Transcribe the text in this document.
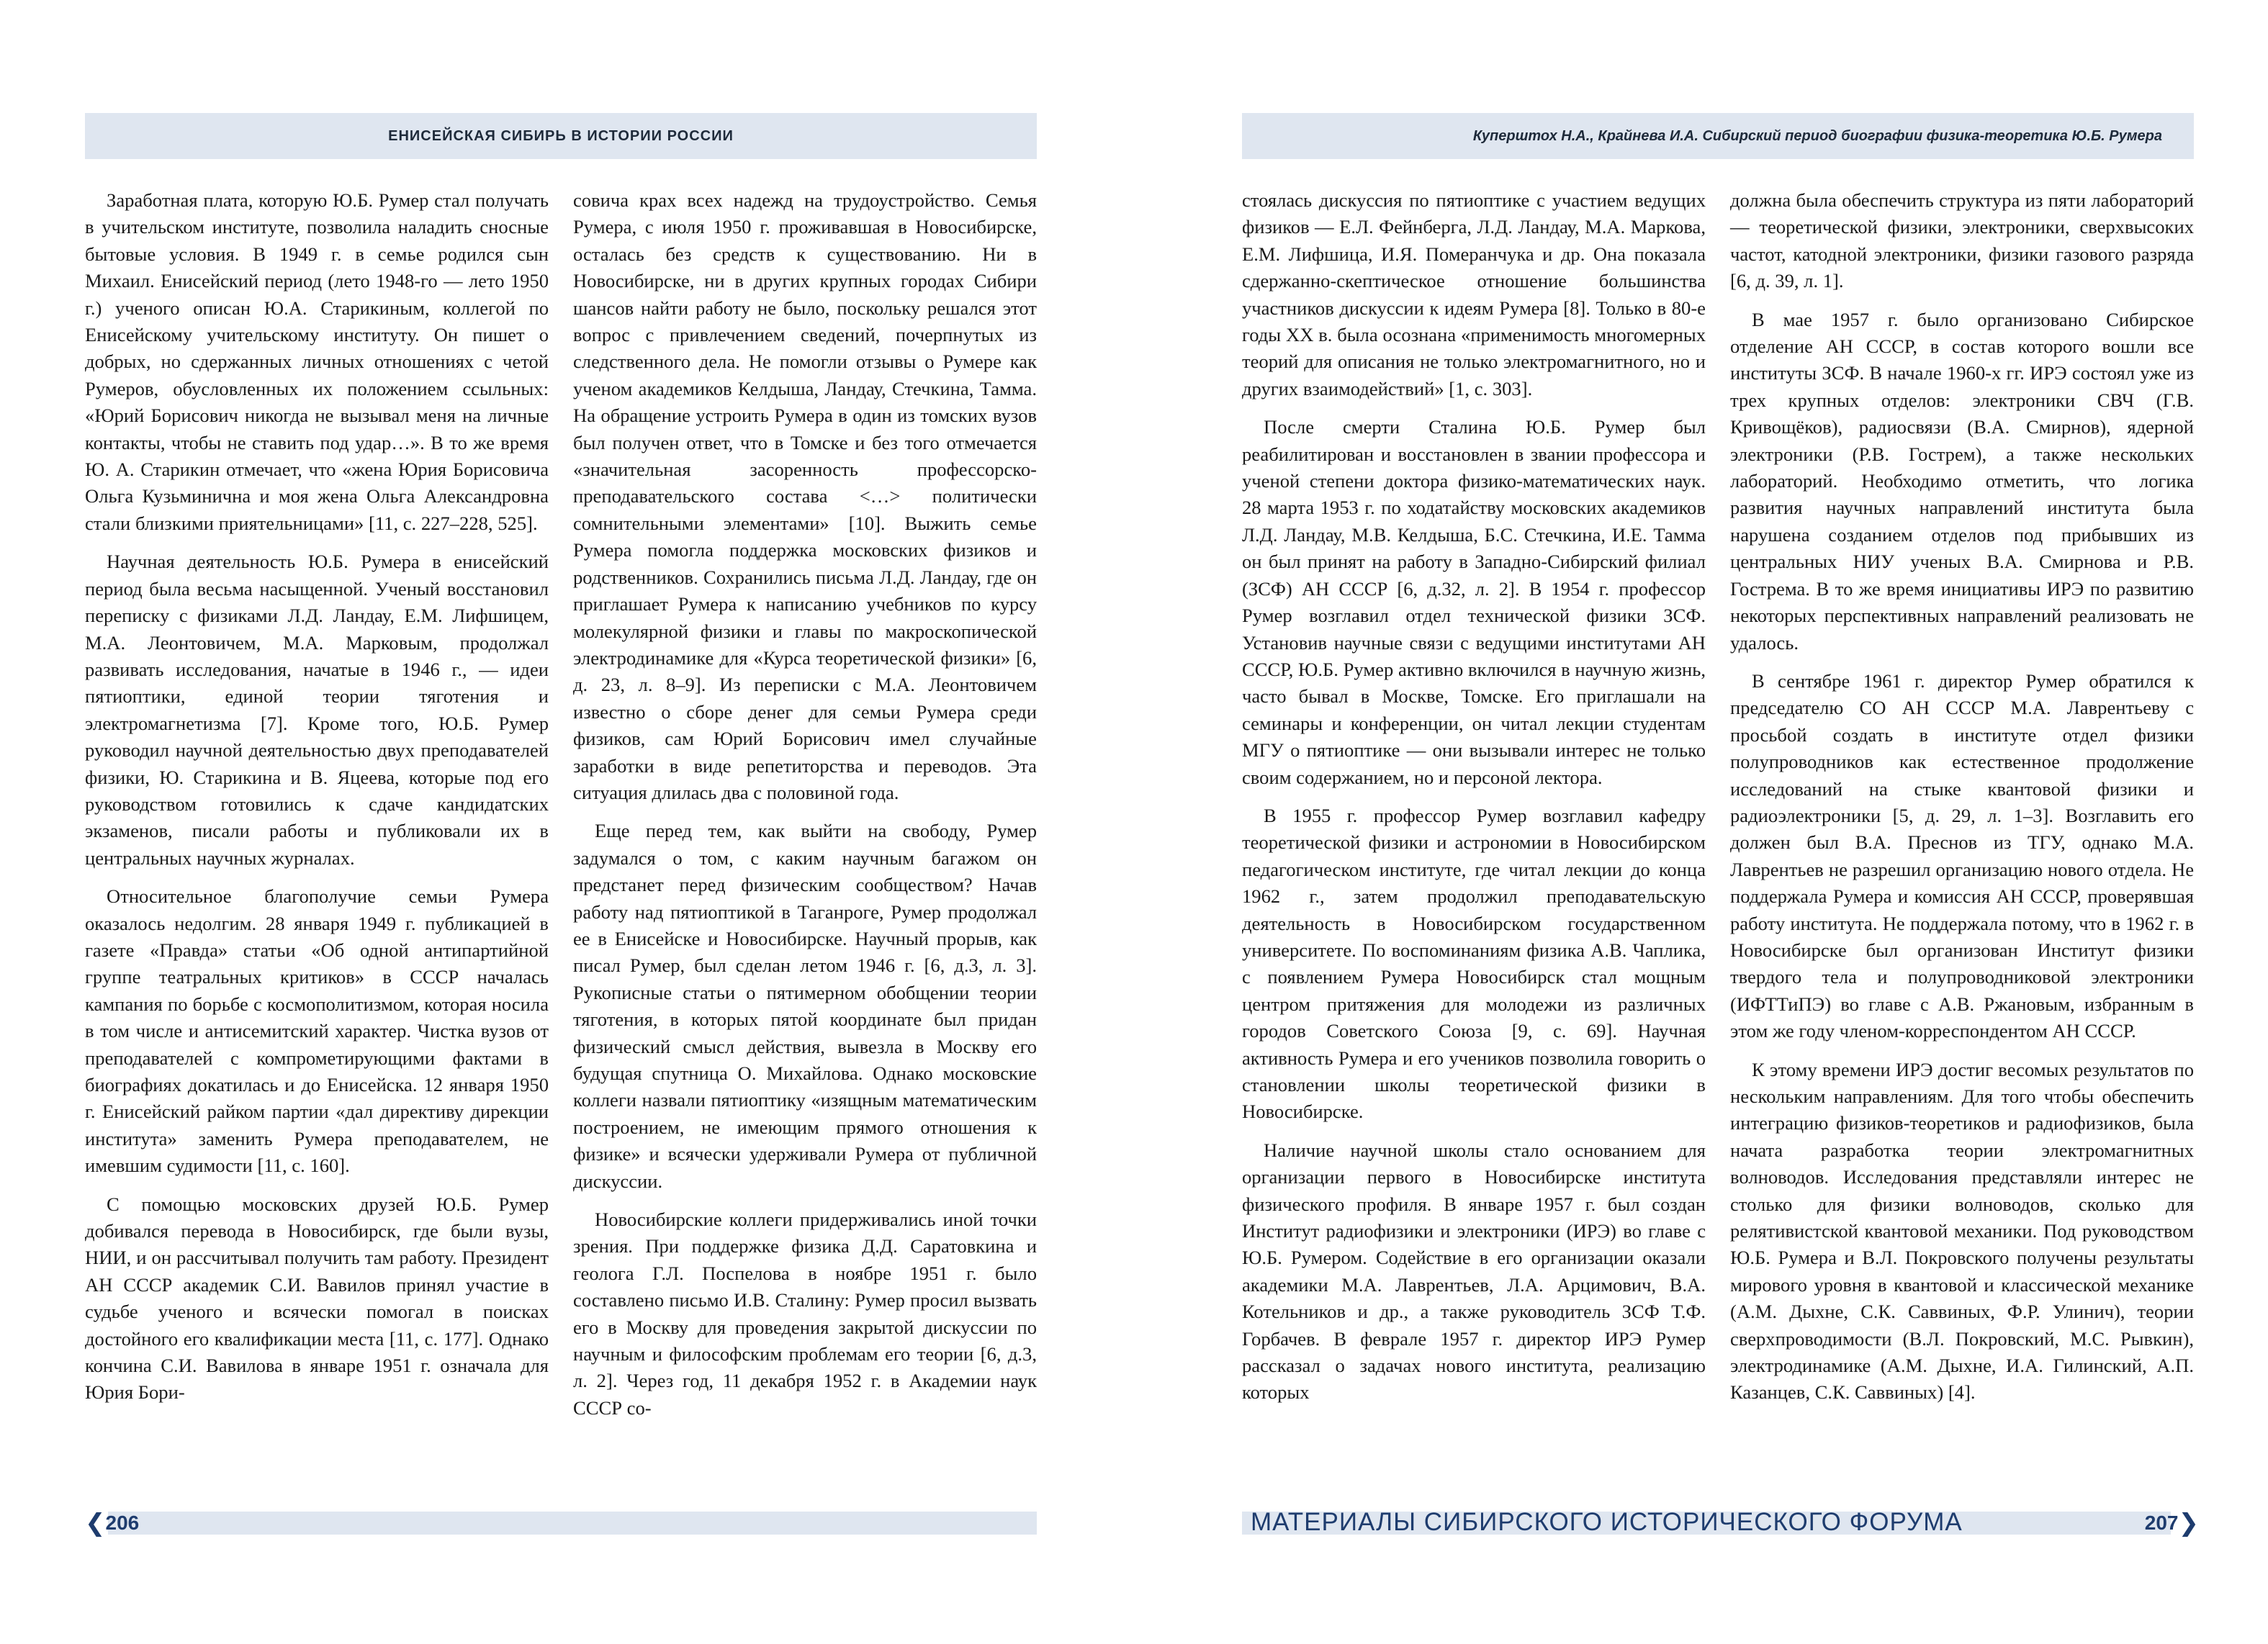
ЕНИСЕЙСКАЯ СИБИРЬ В ИСТОРИИ РОССИИ

Заработная плата, которую Ю.Б. Румер стал получать в учительском институте, позволила наладить сносные бытовые условия. В 1949 г. в семье родился сын Михаил. Енисейский период (лето 1948-го — лето 1950 г.) ученого описан Ю.А. Старикиным, коллегой по Енисейскому учительскому институту. Он пишет о добрых, но сдержанных личных отношениях с четой Румеров, обусловленных их положением ссыльных: «Юрий Борисович никогда не вызывал меня на личные контакты, чтобы не ставить под удар…». В то же время Ю. А. Старикин отмечает, что «жена Юрия Борисовича Ольга Кузьминична и моя жена Ольга Александровна стали близкими приятельницами» [11, с. 227–228, 525].

Научная деятельность Ю.Б. Румера в енисейский период была весьма насыщенной. Ученый восстановил переписку с физиками Л.Д. Ландау, Е.М. Лифшицем, М.А. Леонтовичем, М.А. Марковым, продолжал развивать исследования, начатые в 1946 г., — идеи пятиоптики, единой теории тяготения и электромагнетизма [7]. Кроме того, Ю.Б. Румер руководил научной деятельностью двух преподавателей физики, Ю. Старикина и В. Яцеева, которые под его руководством готовились к сдаче кандидатских экзаменов, писали работы и публиковали их в центральных научных журналах.

Относительное благополучие семьи Румера оказалось недолгим. 28 января 1949 г. публикацией в газете «Правда» статьи «Об одной антипартийной группе театральных критиков» в СССР началась кампания по борьбе с космополитизмом, которая носила в том числе и антисемитский характер. Чистка вузов от преподавателей с компрометирующими фактами в биографиях докатилась и до Енисейска. 12 января 1950 г. Енисейский райком партии «дал директиву дирекции института» заменить Румера преподавателем, не имевшим судимости [11, с. 160].

С помощью московских друзей Ю.Б. Румер добивался перевода в Новосибирск, где были вузы, НИИ, и он рассчитывал получить там работу. Президент АН СССР академик С.И. Вавилов принял участие в судьбе ученого и всячески помогал в поисках достойного его квалификации места [11, с. 177]. Однако кончина С.И. Вавилова в январе 1951 г. означала для Юрия Бори-

совича крах всех надежд на трудоустройство. Семья Румера, с июля 1950 г. проживавшая в Новосибирске, осталась без средств к существованию. Ни в Новосибирске, ни в других крупных городах Сибири шансов найти работу не было, поскольку решался этот вопрос с привлечением сведений, почерпнутых из следственного дела. Не помогли отзывы о Румере как ученом академиков Келдыша, Ландау, Стечкина, Тамма. На обращение устроить Румера в один из томских вузов был получен ответ, что в Томске и без того отмечается «значительная засоренность профессорско-преподавательского состава <…> политически сомнительными элементами» [10]. Выжить семье Румера помогла поддержка московских физиков и родственников. Сохранились письма Л.Д. Ландау, где он приглашает Румера к написанию учебников по курсу молекулярной физики и главы по макроскопической электродинамике для «Курса теоретической физики» [6, д. 23, л. 8–9]. Из переписки с М.А. Леонтовичем известно о сборе денег для семьи Румера среди физиков, сам Юрий Борисович имел случайные заработки в виде репетиторства и переводов. Эта ситуация длилась два с половиной года.

Еще перед тем, как выйти на свободу, Румер задумался о том, с каким научным багажом он предстанет перед физическим сообществом? Начав работу над пятиоптикой в Таганроге, Румер продолжал ее в Енисейске и Новосибирске. Научный прорыв, как писал Румер, был сделан летом 1946 г. [6, д.3, л. 3]. Рукописные статьи о пятимерном обобщении теории тяготения, в которых пятой координате был придан физический смысл действия, вывезла в Москву его будущая спутница О. Михайлова. Однако московские коллеги назвали пятиоптику «изящным математическим построением, не имеющим прямого отношения к физике» и всячески удерживали Румера от публичной дискуссии.

Новосибирские коллеги придерживались иной точки зрения. При поддержке физика Д.Д. Саратовкина и геолога Г.Л. Поспелова в ноябре 1951 г. было составлено письмо И.В. Сталину: Румер просил вызвать его в Москву для проведения закрытой дискуссии по научным и философским проблемам его теории [6, д.3, л. 2]. Через год, 11 декабря 1952 г. в Академии наук СССР со-

❮ 206
Куперштох Н.А., Крайнева И.А. Сибирский период биографии физика-теоретика Ю.Б. Румера

стоялась дискуссия по пятиоптике с участием ведущих физиков — Е.Л. Фейнберга, Л.Д. Ландау, М.А. Маркова, Е.М. Лифшица, И.Я. Померанчука и др. Она показала сдержанно-скептическое отношение большинства участников дискуссии к идеям Румера [8]. Только в 80-е годы XX в. была осознана «применимость многомерных теорий для описания не только электромагнитного, но и других взаимодействий» [1, с. 303].

После смерти Сталина Ю.Б. Румер был реабилитирован и восстановлен в звании профессора и ученой степени доктора физико-математических наук. 28 марта 1953 г. по ходатайству московских академиков Л.Д. Ландау, М.В. Келдыша, Б.С. Стечкина, И.Е. Тамма он был принят на работу в Западно-Сибирский филиал (ЗСФ) АН СССР [6, д.32, л. 2]. В 1954 г. профессор Румер возглавил отдел технической физики ЗСФ. Установив научные связи с ведущими институтами АН СССР, Ю.Б. Румер активно включился в научную жизнь, часто бывал в Москве, Томске. Его приглашали на семинары и конференции, он читал лекции студентам МГУ о пятиоптике — они вызывали интерес не только своим содержанием, но и персоной лектора.

В 1955 г. профессор Румер возглавил кафедру теоретической физики и астрономии в Новосибирском педагогическом институте, где читал лекции до конца 1962 г., затем продолжил преподавательскую деятельность в Новосибирском государственном университете. По воспоминаниям физика А.В. Чаплика, с появлением Румера Новосибирск стал мощным центром притяжения для молодежи из различных городов Советского Союза [9, с. 69]. Научная активность Румера и его учеников позволила говорить о становлении школы теоретической физики в Новосибирске.

Наличие научной школы стало основанием для организации первого в Новосибирске института физического профиля. В январе 1957 г. был создан Институт радиофизики и электроники (ИРЭ) во главе с Ю.Б. Румером. Содействие в его организации оказали академики М.А. Лаврентьев, Л.А. Арцимович, В.А. Котельников и др., а также руководитель ЗСФ Т.Ф. Горбачев. В феврале 1957 г. директор ИРЭ Румер рассказал о задачах нового института, реализацию которых

должна была обеспечить структура из пяти лабораторий — теоретической физики, электроники, сверхвысоких частот, катодной электроники, физики газового разряда [6, д. 39, л. 1].

В мае 1957 г. было организовано Сибирское отделение АН СССР, в состав которого вошли все институты ЗСФ. В начале 1960-х гг. ИРЭ состоял уже из трех крупных отделов: электроники СВЧ (Г.В. Кривощёков), радиосвязи (В.А. Смирнов), ядерной электроники (Р.В. Гострем), а также нескольких лабораторий. Необходимо отметить, что логика развития научных направлений института была нарушена созданием отделов под прибывших из центральных НИУ ученых В.А. Смирнова и Р.В. Гострема. В то же время инициативы ИРЭ по развитию некоторых перспективных направлений реализовать не удалось.

В сентябре 1961 г. директор Румер обратился к председателю СО АН СССР М.А. Лаврентьеву с просьбой создать в институте отдел физики полупроводников как естественное продолжение исследований на стыке квантовой физики и радиоэлектроники [5, д. 29, л. 1–3]. Возглавить его должен был В.А. Преснов из ТГУ, однако М.А. Лаврентьев не разрешил организацию нового отдела. Не поддержала Румера и комиссия АН СССР, проверявшая работу института. Не поддержала потому, что в 1962 г. в Новосибирске был организован Институт физики твердого тела и полупроводниковой электроники (ИФТТиПЭ) во главе с А.В. Ржановым, избранным в этом же году членом-корреспондентом АН СССР.

К этому времени ИРЭ достиг весомых результатов по нескольким направлениям. Для того чтобы обеспечить интеграцию физиков-теоретиков и радиофизиков, была начата разработка теории электромагнитных волноводов. Исследования представляли интерес не столько для физики волноводов, сколько для релятивистской квантовой механики. Под руководством Ю.Б. Румера и В.Л. Покровского получены результаты мирового уровня в квантовой и классической механике (А.М. Дыхне, С.К. Саввиных, Ф.Р. Улинич), теории сверхпроводимости (В.Л. Покровский, М.С. Рывкин), электродинамике (А.М. Дыхне, И.А. Гилинский, А.П. Казанцев, С.К. Саввиных) [4].

МАТЕРИАЛЫ СИБИРСКОГО ИСТОРИЧЕСКОГО ФОРУМА	207 ❯
